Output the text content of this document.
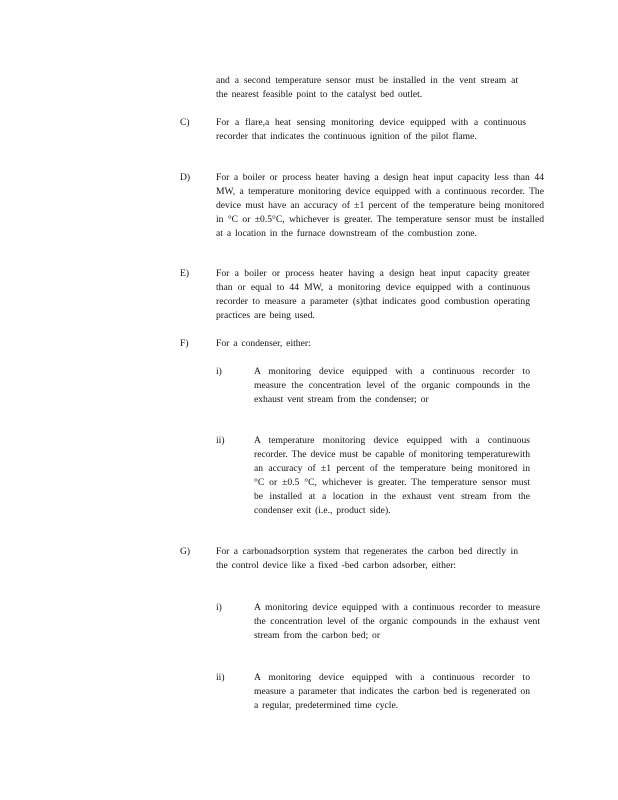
and a second temperature sensor must be installed in the vent stream at the nearest feasible point to the catalyst bed outlet.
C)	For a flare,a heat sensing monitoring device equipped with a continuous recorder that indicates the continuous ignition of the pilot flame.
D)	For a boiler or process heater having a design heat input capacity less than 44 MW, a temperature monitoring device equipped with a continuous recorder. The device must have an accuracy of ±1 percent of the temperature being monitored in °C or ±0.5°C, whichever is greater. The temperature sensor must be installed at a location in the furnace downstream of the combustion zone.
E)	For a boiler or process heater having a design heat input capacity greater than or equal to 44 MW, a monitoring device equipped with a continuous recorder to measure a parameter (s)that indicates good combustion operating practices are being used.
F)	For a condenser, either:
i)	A monitoring device equipped with a continuous recorder to measure the concentration level of the organic compounds in the exhaust vent stream from the condenser; or
ii)	A temperature monitoring device equipped with a continuous recorder. The device must be capable of monitoring temperaturewith an accuracy of ±1 percent of the temperature being monitored in °C or ±0.5 °C, whichever is greater. The temperature sensor must be installed at a location in the exhaust vent stream from the condenser exit (i.e., product side).
G)	For a carbonadsorption system that regenerates the carbon bed directly in the control device like a fixed -bed carbon adsorber, either:
i)	A monitoring device equipped with a continuous recorder to measure the concentration level of the organic compounds in the exhaust vent stream from the carbon bed; or
ii)	A monitoring device equipped with a continuous recorder to measure a parameter that indicates the carbon bed is regenerated on a regular, predetermined time cycle.
